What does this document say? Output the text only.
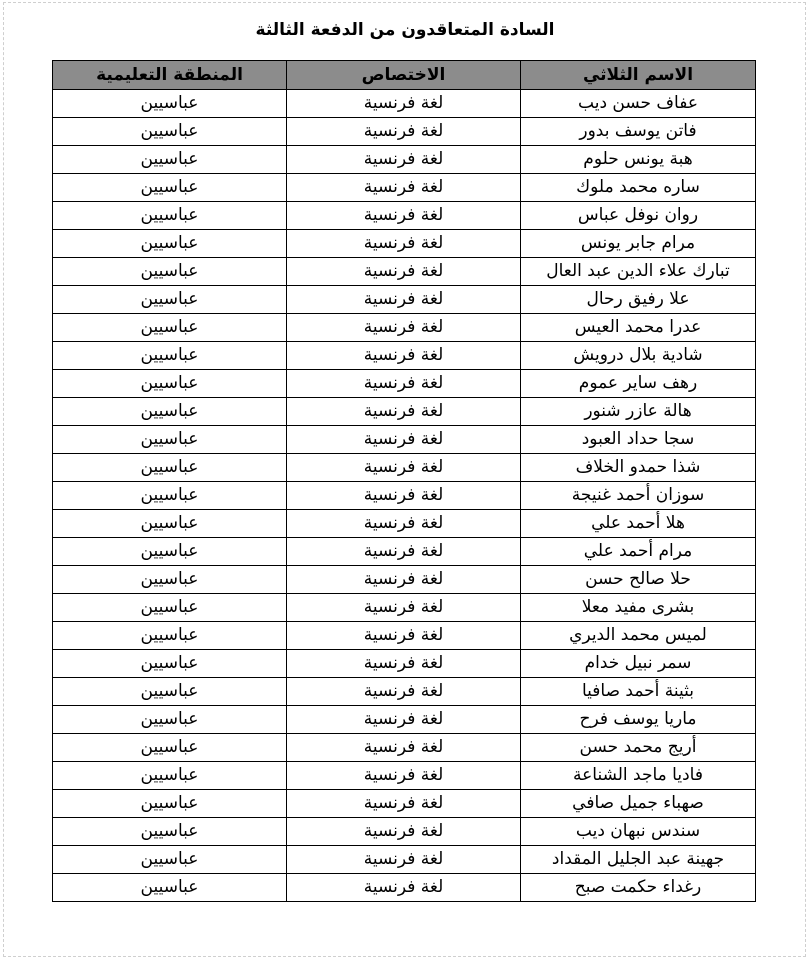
السادة المتعاقدون من الدفعة الثالثة
الاسم الثلاثي	الاختصاص	المنطقة التعليمية
عفاف حسن ديب	لغة فرنسية	عباسيين
فاتن يوسف بدور	لغة فرنسية	عباسيين
هبة يونس حلوم	لغة فرنسية	عباسيين
ساره محمد ملوك	لغة فرنسية	عباسيين
روان نوفل عباس	لغة فرنسية	عباسيين
مرام جابر يونس	لغة فرنسية	عباسيين
تبارك علاء الدين عبد العال	لغة فرنسية	عباسيين
علا رفيق رحال	لغة فرنسية	عباسيين
عدرا محمد العيس	لغة فرنسية	عباسيين
شادية بلال درويش	لغة فرنسية	عباسيين
رهف ساير عموم	لغة فرنسية	عباسيين
هالة عازر شنور	لغة فرنسية	عباسيين
سجا حداد العبود	لغة فرنسية	عباسيين
شذا حمدو الخلاف	لغة فرنسية	عباسيين
سوزان أحمد غنيجة	لغة فرنسية	عباسيين
هلا أحمد علي	لغة فرنسية	عباسيين
مرام أحمد علي	لغة فرنسية	عباسيين
حلا صالح حسن	لغة فرنسية	عباسيين
بشرى مفيد معلا	لغة فرنسية	عباسيين
لميس محمد الديري	لغة فرنسية	عباسيين
سمر نبيل خدام	لغة فرنسية	عباسيين
بثينة أحمد صافيا	لغة فرنسية	عباسيين
ماريا يوسف فرح	لغة فرنسية	عباسيين
أريج محمد حسن	لغة فرنسية	عباسيين
فاديا ماجد الشناعة	لغة فرنسية	عباسيين
صهباء جميل صافي	لغة فرنسية	عباسيين
سندس نبهان ديب	لغة فرنسية	عباسيين
جهينة عبد الجليل المقداد	لغة فرنسية	عباسيين
رغداء حكمت صبح	لغة فرنسية	عباسيين
